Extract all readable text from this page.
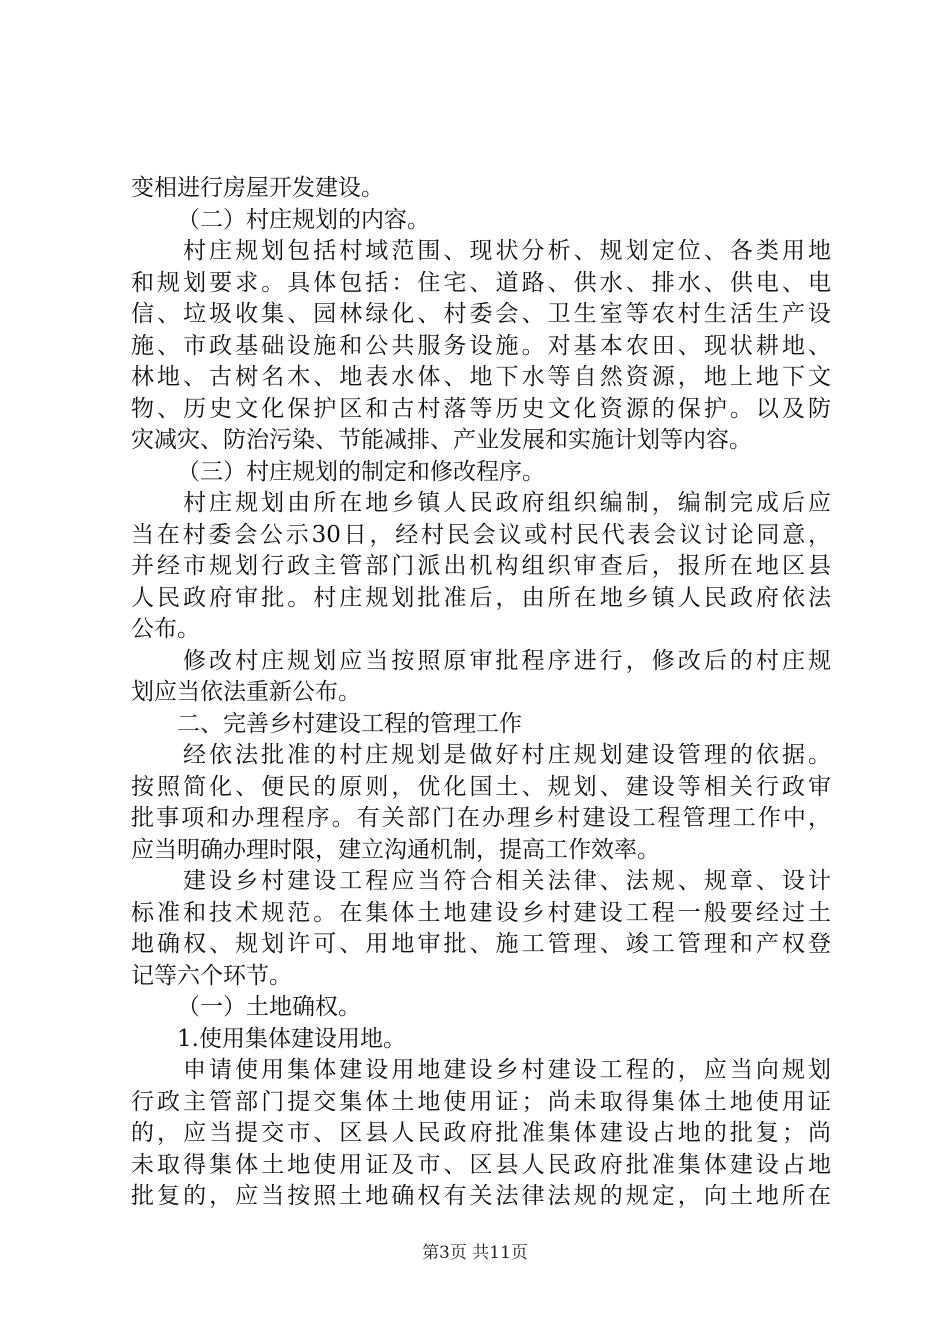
变相进行房屋开发建设。
（二）村庄规划的内容。
村庄规划包括村域范围、现状分析、规划定位、各类用地
和规划要求。具体包括：住宅、道路、供水、排水、供电、电
信、垃圾收集、园林绿化、村委会、卫生室等农村生活生产设
施、市政基础设施和公共服务设施。对基本农田、现状耕地、
林地、古树名木、地表水体、地下水等自然资源，地上地下文
物、历史文化保护区和古村落等历史文化资源的保护。以及防
灾减灾、防治污染、节能减排、产业发展和实施计划等内容。
（三）村庄规划的制定和修改程序。
村庄规划由所在地乡镇人民政府组织编制，编制完成后应
当在村委会公示30日，经村民会议或村民代表会议讨论同意，
并经市规划行政主管部门派出机构组织审查后，报所在地区县
人民政府审批。村庄规划批准后，由所在地乡镇人民政府依法
公布。
修改村庄规划应当按照原审批程序进行，修改后的村庄规
划应当依法重新公布。
二、完善乡村建设工程的管理工作
经依法批准的村庄规划是做好村庄规划建设管理的依据。
按照简化、便民的原则，优化国土、规划、建设等相关行政审
批事项和办理程序。有关部门在办理乡村建设工程管理工作中，
应当明确办理时限，建立沟通机制，提高工作效率。
建设乡村建设工程应当符合相关法律、法规、规章、设计
标准和技术规范。在集体土地建设乡村建设工程一般要经过土
地确权、规划许可、用地审批、施工管理、竣工管理和产权登
记等六个环节。
（一）土地确权。
1.使用集体建设用地。
申请使用集体建设用地建设乡村建设工程的，应当向规划
行政主管部门提交集体土地使用证；尚未取得集体土地使用证
的，应当提交市、区县人民政府批准集体建设占地的批复；尚
未取得集体土地使用证及市、区县人民政府批准集体建设占地
批复的，应当按照土地确权有关法律法规的规定，向土地所在
第3页 共11页
